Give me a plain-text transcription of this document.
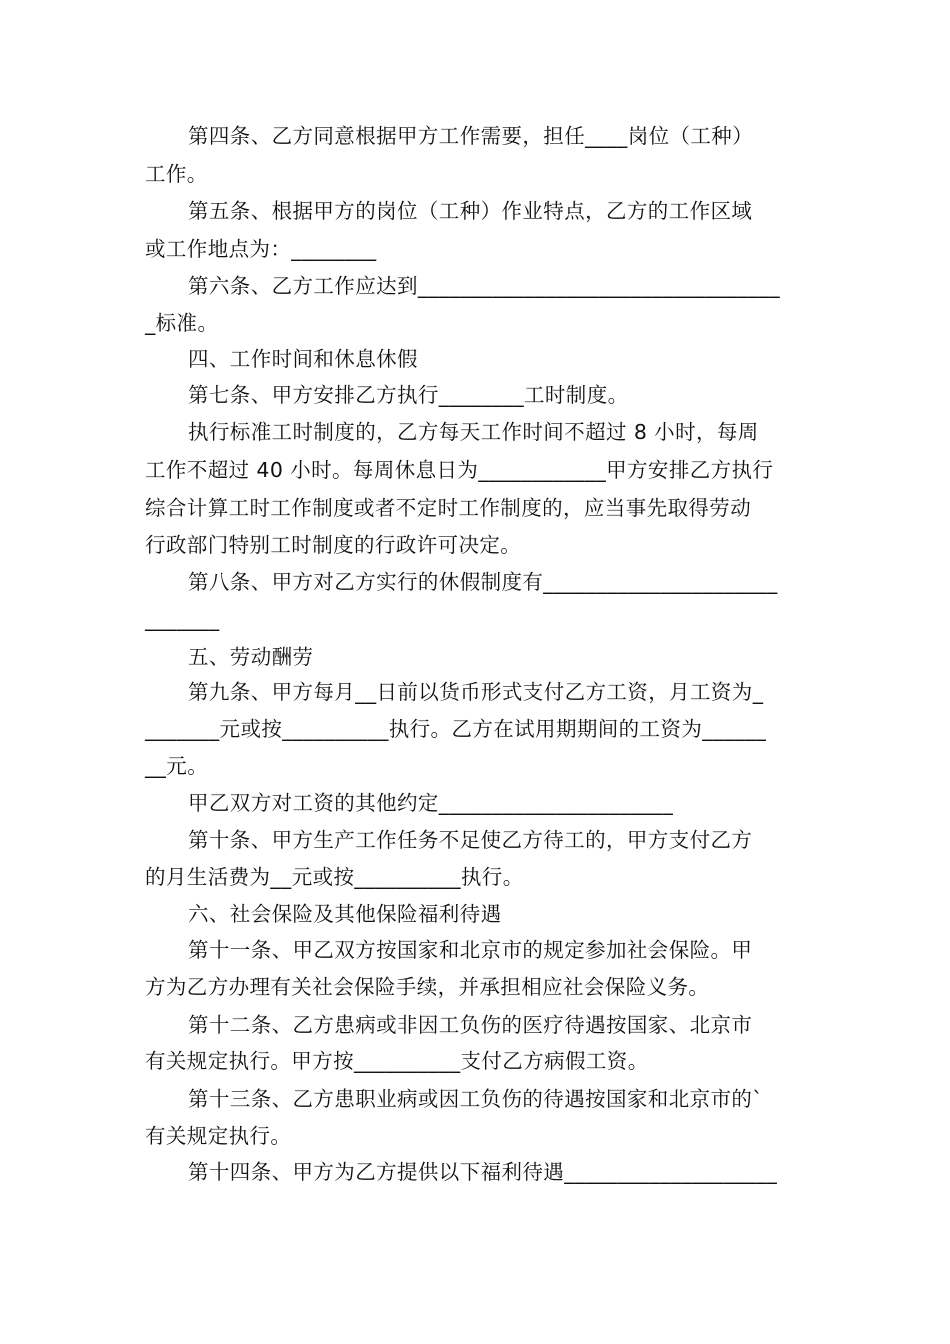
第四条、乙方同意根据甲方工作需要，担任____岗位（工种）
工作。
第五条、根据甲方的岗位（工种）作业特点，乙方的工作区域
或工作地点为：________
第六条、乙方工作应达到__________________________________
_标准。
四、工作时间和休息休假
第七条、甲方安排乙方执行________工时制度。
执行标准工时制度的，乙方每天工作时间不超过 8 小时，每周
工作不超过 40 小时。每周休息日为____________甲方安排乙方执行
综合计算工时工作制度或者不定时工作制度的，应当事先取得劳动
行政部门特别工时制度的行政许可决定。
第八条、甲方对乙方实行的休假制度有______________________
_______
五、劳动酬劳
第九条、甲方每月__日前以货币形式支付乙方工资，月工资为_
_______元或按__________执行。乙方在试用期期间的工资为______
__元。
甲乙双方对工资的其他约定______________________
第十条、甲方生产工作任务不足使乙方待工的，甲方支付乙方
的月生活费为__元或按__________执行。
六、社会保险及其他保险福利待遇
第十一条、甲乙双方按国家和北京市的规定参加社会保险。甲
方为乙方办理有关社会保险手续，并承担相应社会保险义务。
第十二条、乙方患病或非因工负伤的医疗待遇按国家、北京市
有关规定执行。甲方按__________支付乙方病假工资。
第十三条、乙方患职业病或因工负伤的待遇按国家和北京市的`
有关规定执行。
第十四条、甲方为乙方提供以下福利待遇____________________
